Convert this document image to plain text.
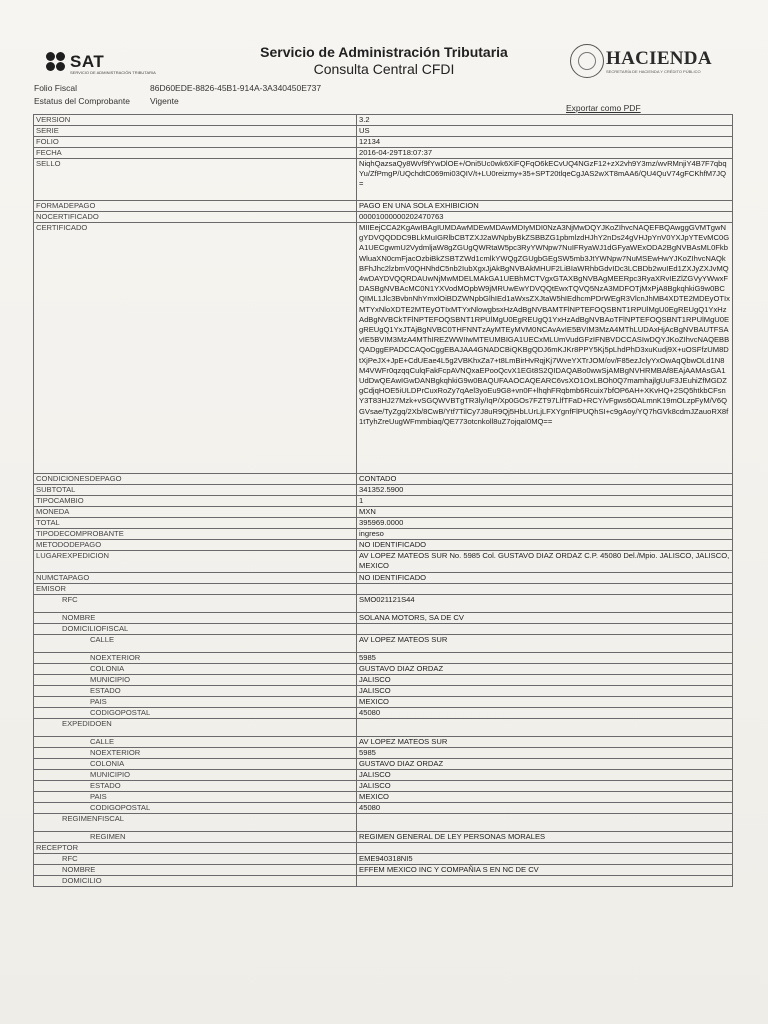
SAT
SERVICIO DE ADMINISTRACIÓN TRIBUTARIA
Servicio de Administración Tributaria
Consulta Central CFDI	HACIENDA
SECRETARÍA DE HACIENDA Y CRÉDITO PÚBLICO
Folio Fiscal	86D60EDE-8826-45B1-914A-3A340450E737
Estatus del Comprobante Vigente
Exportar como PDF
VERSION	3.2
SERIE	US
FOLIO	12134
FECHA	2016-04-29T18:07:37
SELLO	NiqhQazsaQy8Wvf9fYwDlOE+/Oni5Uc0wk6XiFQFqO6kECvUQ4NGzF12+zX2vh9Y3mz/wvRMnjiY4B7F7qbqYu/ZfPmgP/UQchdtC069mi03QIV/t+LU0reizmy+35+SPT20tlqeCgJAS2wXT8mAA6/QU4QuV74gFCKhfM7JQ=
FORMADEPAGO	PAGO EN UNA SOLA EXHIBICION
NOCERTIFICADO	00001000000202470763
CERTIFICADO	MIIEejCCA2KgAwIBAgIUMDAwMDEwMDAwMDIyMDI0NzA3NjMwDQYJKoZIhvcNAQEFBQAwggGVMTgwNgYDVQQDDC9BLkMuIGRlbCBTZXJ2aWNpbyBkZSBBZG1pbmlzdHJhY2nDs24gVHJpYnV0YXJpYTEvMC0GA1UECgwmU2VydmljaW8gZGUgQWRtaW5pc3RyYWNpw7NuIFRyaWJ1dGFyaWExODA2BgNVBAsML0FkbWluaXN0cmFjacOzbiBkZSBTZWd1cmlkYWQgZGUgbGEgSW5mb3JtYWNpw7NuMSEwHwYJKoZIhvcNAQkBFhJhc2lzbmV0QHNhdC5nb2IubXgxJjAkBgNVBAkMHUF2LiBIaWRhbGdvIDc3LCBDb2wuIEd1ZXJyZXJvMQ4wDAYDVQQRDAUwNjMwMDELMAkGA1UEBhMCTVgxGTAXBgNVBAgMEERpc3RyaXRvIEZlZGVyYWwxFDASBgNVBAcMC0N1YXVodMOpbW9jMRUwEwYDVQQtEwxTQVQ5NzA3MDFOTjMxPjA8BgkqhkiG9w0BCQIML1Jlc3BvbnNhYmxlOiBDZWNpbGlhIEd1aWxsZXJtaW5hIEdhcmPDrWEgR3VlcnJhMB4XDTE2MDEyOTIxMTYxNloXDTE2MTEyOTIxMTYxNlowgbsxHzAdBgNVBAMTFlNPTEFOQSBNT1RPUlMgU0EgREUgQ1YxHzAdBgNVBCkTFlNPTEFOQSBNT1RPUlMgU0EgREUgQ1YxHzAdBgNVBAoTFlNPTEFOQSBNT1RPUlMgU0EgREUgQ1YxJTAjBgNVBC0THFNNTzAyMTEyMVM0NCAvAvIE5BVIM3MzA4MThLUDAxHjAcBgNVBAUTFSAvIE5BVIM3MzA4MThIREZWWIIwMTEUMBIGA1UECxMLUmVudGFzIFNBVDCCASIwDQYJKoZIhvcNAQEBBQADggEPADCCAQoCggEBAJAA4GNADCBiQKBgQDJ6mKJKr8PPY5Kj5pLhdPhD3xuKudj9X+uOSFfzUM8DtXjPeJX+JpE+CdUEae4L5g2VBKhxZa7+t8LmBirHvRqjKj7WveYXTrJOM/ov/F85ezJclyYxOwAqQbwOLd1N8M4VWFr0qzqqCulqFakFcpAVNQxaEPooQcvX1EGt8S2QIDAQABo0wwSjAMBgNVHRMBAf8EAjAAMAsGA1UdDwQEAwIGwDANBgkqhkiG9w0BAQUFAAOCAQEARC6vsXO1OxLBOh0Q7mamhajlgUuF3JEuhiZfMGDZgCdjqHOE5iULDPrCuxRoZy7qAel3yoEu9G8+vn0F+lhqhFRqbmb6Rcuix7bfOP6AH+XKvHQ+2SQ5htkbCFsnY3T83HJ27Mzk+vSGQWVBTgTR3ly/IqP/Xp0GOs7FZT97LlfTFaD+RCY/vFgws6OALmnK19mOLzpFyM/V6QGVsae/TyZgq/2Xb/8CwB/Ytf7TilCy7J8uR9Qj5HbLUrLjLFXYgnfFlPUQhSI+c9gAoy/YQ7hGVk8cdmJZauoRX8f1tTyhZreUugWFmmbiaq/QE773otcnkoll8uZ7ojqaI0MQ==
CONDICIONESDEPAGO	CONTADO
SUBTOTAL	341352.5900
TIPOCAMBIO	1
MONEDA	MXN
TOTAL	395969.0000
TIPODECOMPROBANTE	ingreso
METODODEPAGO	NO IDENTIFICADO
LUGAREXPEDICION	AV LOPEZ MATEOS SUR No. 5985 Col. GUSTAVO DIAZ ORDAZ C.P. 45080 Del./Mpio. JALISCO, JALISCO, MEXICO
NUMCTAPAGO	NO IDENTIFICADO
EMISOR	
RFC	SMO021121S44
NOMBRE	SOLANA MOTORS, SA DE CV
DOMICILIOFISCAL	
CALLE	AV LOPEZ MATEOS SUR
NOEXTERIOR	5985
COLONIA	GUSTAVO DIAZ ORDAZ
MUNICIPIO	JALISCO
ESTADO	JALISCO
PAIS	MEXICO
CODIGOPOSTAL	45080
EXPEDIDOEN	
CALLE	AV LOPEZ MATEOS SUR
NOEXTERIOR	5985
COLONIA	GUSTAVO DIAZ ORDAZ
MUNICIPIO	JALISCO
ESTADO	JALISCO
PAIS	MEXICO
CODIGOPOSTAL	45080
REGIMENFISCAL	
REGIMEN	REGIMEN GENERAL DE LEY PERSONAS MORALES
RECEPTOR	
RFC	EME940318NI5
NOMBRE	EFFEM MEXICO INC Y COMPAÑIA S EN NC DE CV
DOMICILIO	
